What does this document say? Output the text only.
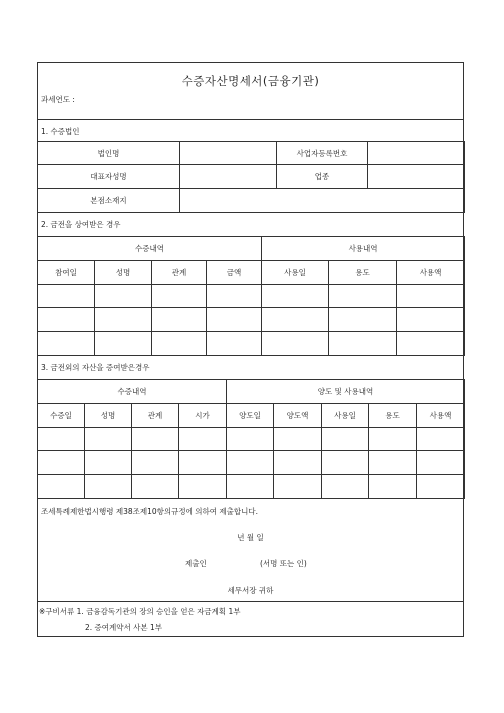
수증자산명세서(금융기관)
과세연도 :
1. 수증법인
법인명		사업자등록번호	
대표자성명		업종	
본점소재지			
2. 금전을 상여받은 경우
수증내역				사용내역		
참여일	성명	관계	금액	사용일	용도	사용액

3. 금전외의 자산을 증여받은경우
수증내역				양도 및 사용내역				
수증일	성명	관계	시가	양도일	양도액	사용일	용도	사용액

조세특례제한법시행령 제38조제10항의규정에 의하여 제출합니다.
년 월 일
제출인	(서명 또는 인)
세무서장 귀하
※구비서류 1. 금융감독기관의 장의 승인을 얻은 자금계획 1부
2. 증여계약서 사본 1부
